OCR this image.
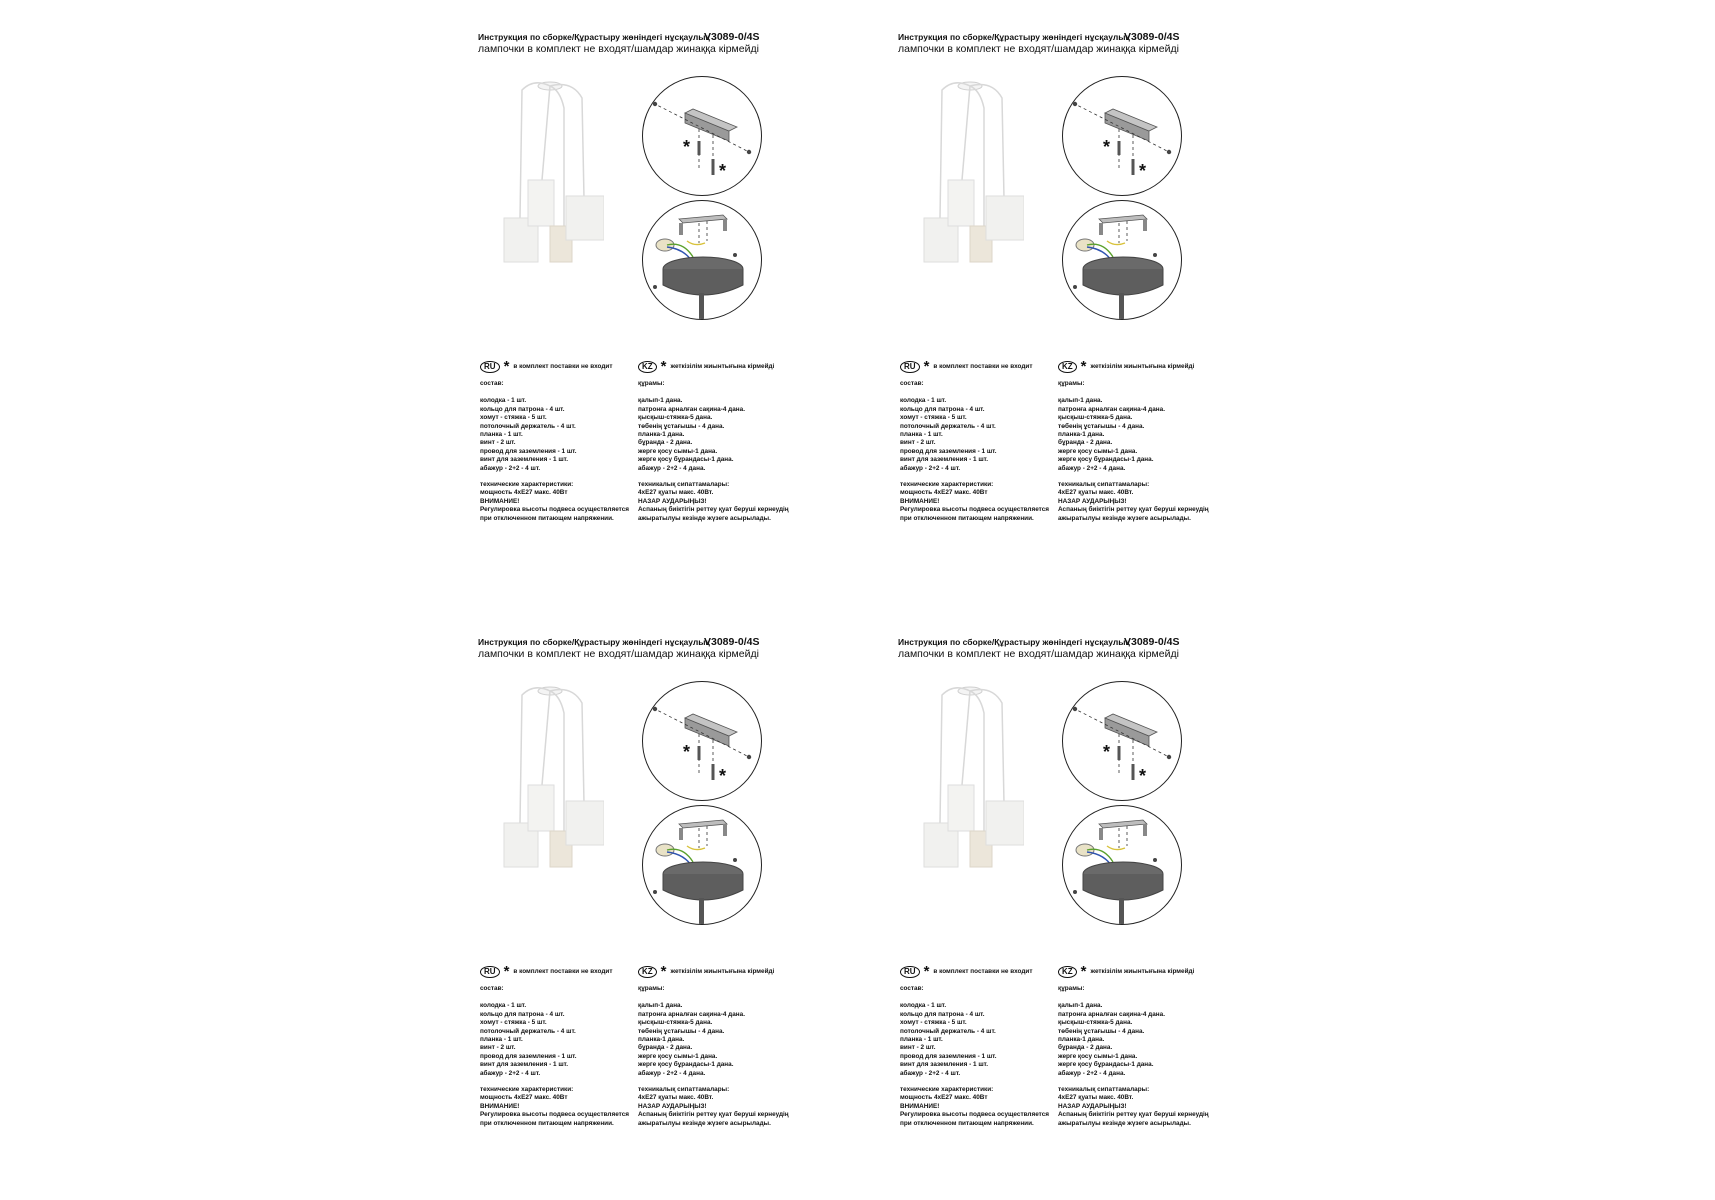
Инструкция по сборке/Құрастыру жөніндегі нұсқаулық
V3089-0/4S
лампочки в комплект не входят/шамдар жинаққа кірмейді
*
*
RU * в комплект поставки не входит
состав:
колодка - 1 шт.
кольцо для патрона - 4 шт.
хомут - стяжка - 5 шт.
потолочный держатель - 4 шт.
планка - 1 шт.
винт - 2 шт.
провод для заземления - 1 шт.
винт для заземления - 1 шт.
абажур - 2+2 - 4 шт.
технические характеристики:
мощность 4хЕ27 макс. 40Вт
ВНИМАНИЕ!
Регулировка высоты подвеса осуществляется
при отключенном питающем напряжении.
KZ * жеткізілім жиынтығына кірмейді
құрамы:
қалып-1 дана.
патронға арналған сақина-4 дана.
қысқыш-стяжка-5 дана.
төбенің ұстағышы - 4 дана.
планка-1 дана.
бұранда - 2 дана.
жерге қосу сымы-1 дана.
жерге қосу бұрандасы-1 дана.
абажур - 2+2 - 4 дана.
техникалық сипаттамалары:
4хЕ27 қуаты макс. 40Вт.
НАЗАР АУДАРЫҢЫЗ!
Аспаның биіктігін реттеу қуат беруші кернеудің
ажыратылуы кезінде жүзеге асырылады.
Инструкция по сборке/Құрастыру жөніндегі нұсқаулық
V3089-0/4S
лампочки в комплект не входят/шамдар жинаққа кірмейді
*
*
RU * в комплект поставки не входит
состав:
колодка - 1 шт.
кольцо для патрона - 4 шт.
хомут - стяжка - 5 шт.
потолочный держатель - 4 шт.
планка - 1 шт.
винт - 2 шт.
провод для заземления - 1 шт.
винт для заземления - 1 шт.
абажур - 2+2 - 4 шт.
технические характеристики:
мощность 4хЕ27 макс. 40Вт
ВНИМАНИЕ!
Регулировка высоты подвеса осуществляется
при отключенном питающем напряжении.
KZ * жеткізілім жиынтығына кірмейді
құрамы:
қалып-1 дана.
патронға арналған сақина-4 дана.
қысқыш-стяжка-5 дана.
төбенің ұстағышы - 4 дана.
планка-1 дана.
бұранда - 2 дана.
жерге қосу сымы-1 дана.
жерге қосу бұрандасы-1 дана.
абажур - 2+2 - 4 дана.
техникалық сипаттамалары:
4хЕ27 қуаты макс. 40Вт.
НАЗАР АУДАРЫҢЫЗ!
Аспаның биіктігін реттеу қуат беруші кернеудің
ажыратылуы кезінде жүзеге асырылады.
Инструкция по сборке/Құрастыру жөніндегі нұсқаулық
V3089-0/4S
лампочки в комплект не входят/шамдар жинаққа кірмейді
*
*
RU * в комплект поставки не входит
состав:
колодка - 1 шт.
кольцо для патрона - 4 шт.
хомут - стяжка - 5 шт.
потолочный держатель - 4 шт.
планка - 1 шт.
винт - 2 шт.
провод для заземления - 1 шт.
винт для заземления - 1 шт.
абажур - 2+2 - 4 шт.
технические характеристики:
мощность 4хЕ27 макс. 40Вт
ВНИМАНИЕ!
Регулировка высоты подвеса осуществляется
при отключенном питающем напряжении.
KZ * жеткізілім жиынтығына кірмейді
құрамы:
қалып-1 дана.
патронға арналған сақина-4 дана.
қысқыш-стяжка-5 дана.
төбенің ұстағышы - 4 дана.
планка-1 дана.
бұранда - 2 дана.
жерге қосу сымы-1 дана.
жерге қосу бұрандасы-1 дана.
абажур - 2+2 - 4 дана.
техникалық сипаттамалары:
4хЕ27 қуаты макс. 40Вт.
НАЗАР АУДАРЫҢЫЗ!
Аспаның биіктігін реттеу қуат беруші кернеудің
ажыратылуы кезінде жүзеге асырылады.
Инструкция по сборке/Құрастыру жөніндегі нұсқаулық
V3089-0/4S
лампочки в комплект не входят/шамдар жинаққа кірмейді
*
*
RU * в комплект поставки не входит
состав:
колодка - 1 шт.
кольцо для патрона - 4 шт.
хомут - стяжка - 5 шт.
потолочный держатель - 4 шт.
планка - 1 шт.
винт - 2 шт.
провод для заземления - 1 шт.
винт для заземления - 1 шт.
абажур - 2+2 - 4 шт.
технические характеристики:
мощность 4хЕ27 макс. 40Вт
ВНИМАНИЕ!
Регулировка высоты подвеса осуществляется
при отключенном питающем напряжении.
KZ * жеткізілім жиынтығына кірмейді
құрамы:
қалып-1 дана.
патронға арналған сақина-4 дана.
қысқыш-стяжка-5 дана.
төбенің ұстағышы - 4 дана.
планка-1 дана.
бұранда - 2 дана.
жерге қосу сымы-1 дана.
жерге қосу бұрандасы-1 дана.
абажур - 2+2 - 4 дана.
техникалық сипаттамалары:
4хЕ27 қуаты макс. 40Вт.
НАЗАР АУДАРЫҢЫЗ!
Аспаның биіктігін реттеу қуат беруші кернеудің
ажыратылуы кезінде жүзеге асырылады.
